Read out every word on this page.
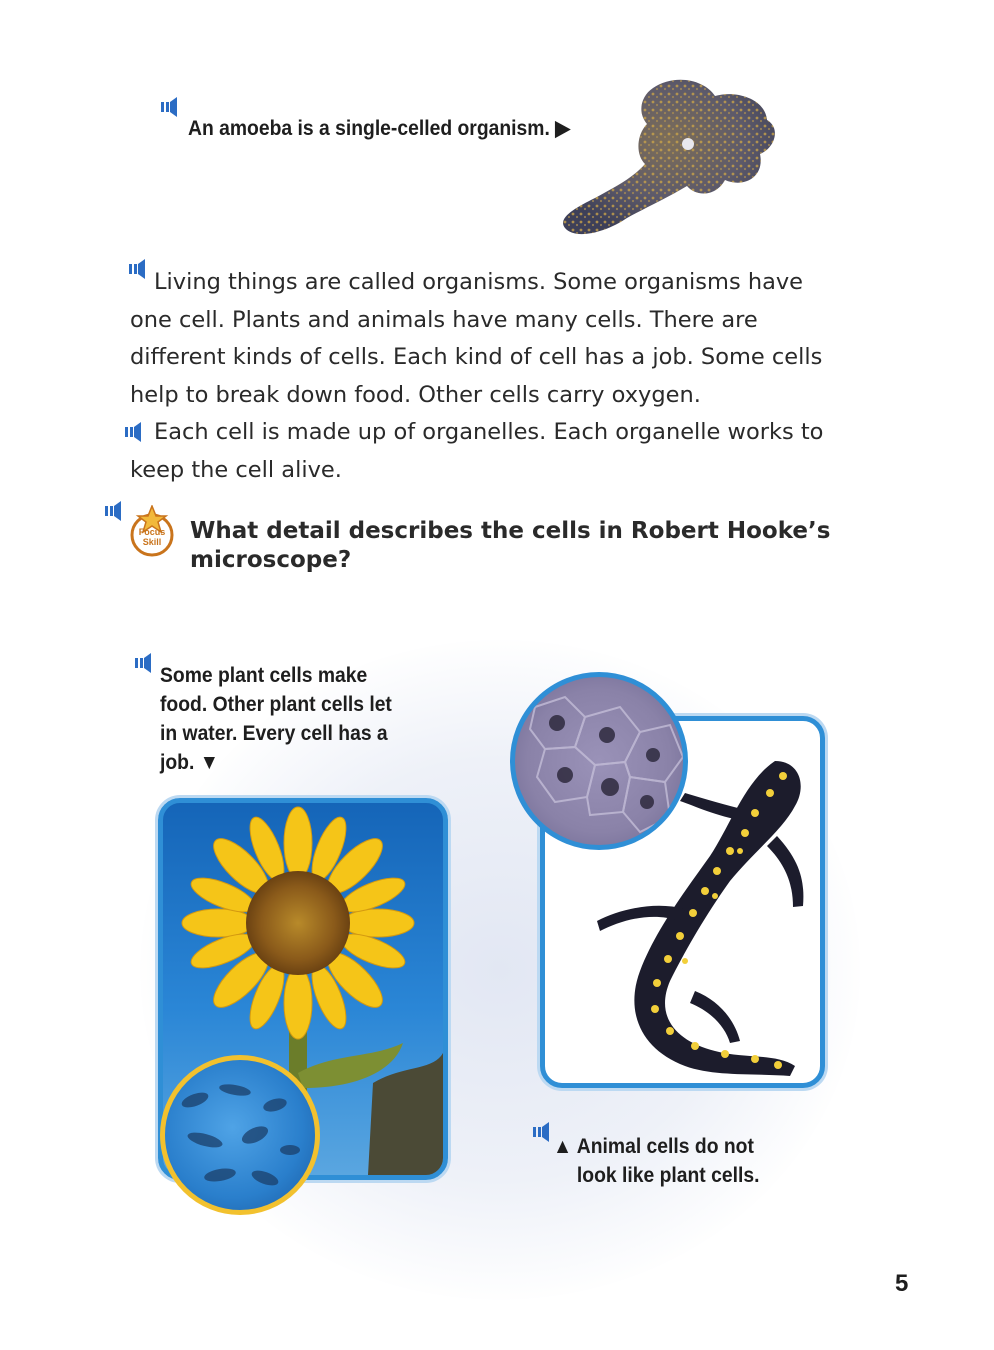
An amoeba is a single-celled organism. ▶
Living things are called organisms. Some organisms have
one cell. Plants and animals have many cells. There are
different kinds of cells. Each kind of cell has a job. Some cells
help to break down food. Other cells carry oxygen.
Each cell is made up of organelles. Each organelle works to
keep the cell alive.
Focus
Skill	What detail describes the cells in Robert Hooke’s
microscope?
Some plant cells make
food. Other plant cells let
in water. Every cell has a
job. ▼
▲ Animal cells do not
look like plant cells.
5
